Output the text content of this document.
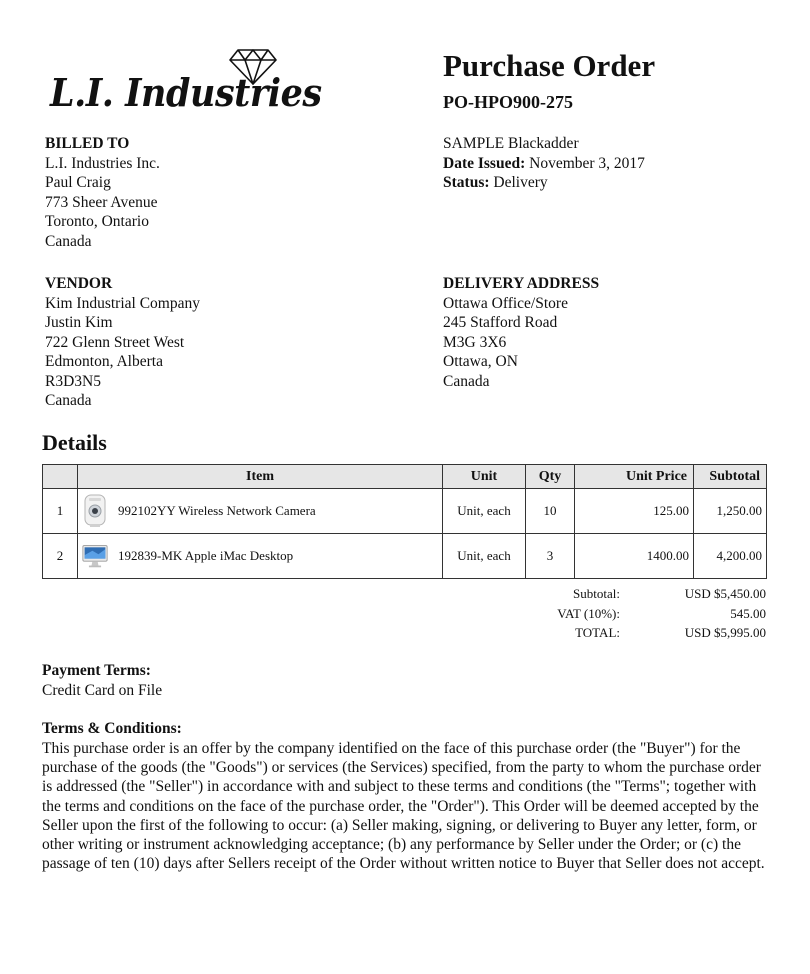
L.I. Industries
Purchase Order
PO-HPO900-275
BILLED TO
L.I. Industries Inc.
Paul Craig
773 Sheer Avenue
Toronto, Ontario
Canada
SAMPLE Blackadder
Date Issued: November 3, 2017
Status: Delivery
VENDOR
Kim Industrial Company
Justin Kim
722 Glenn Street West
Edmonton, Alberta
R3D3N5
Canada
DELIVERY ADDRESS
Ottawa Office/Store
245 Stafford Road
M3G 3X6
Ottawa, ON
Canada
Details
	Item	Unit	Qty	Unit Price	Subtotal
1	992102YY Wireless Network Camera	Unit, each	10	125.00	1,250.00
2	192839-MK Apple iMac Desktop	Unit, each	3	1400.00	4,200.00
Subtotal:	USD $5,450.00
VAT (10%):	545.00
TOTAL:	USD $5,995.00
Payment Terms:
Credit Card on File
Terms & Conditions:
This purchase order is an offer by the company identified on the face of this purchase order (the "Buyer") for the purchase of the goods (the "Goods") or services (the Services) specified, from the party to whom the purchase order is addressed (the "Seller") in accordance with and subject to these terms and conditions (the "Terms"; together with the terms and conditions on the face of the purchase order, the "Order"). This Order will be deemed accepted by the Seller upon the first of the following to occur: (a) Seller making, signing, or delivering to Buyer any letter, form, or other writing or instrument acknowledging acceptance; (b) any performance by Seller under the Order; or (c) the passage of ten (10) days after Sellers receipt of the Order without written notice to Buyer that Seller does not accept.
